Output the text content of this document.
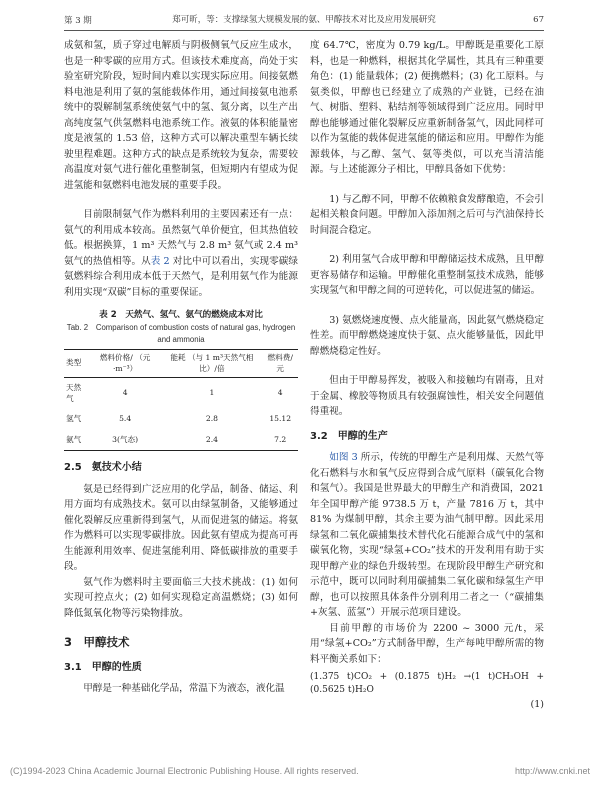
第 3 期	郑可昕，等：支撑绿氢大规模发展的氨、甲醇技术对比及应用发展研究	67

成氨和氢，质子穿过电解质与阴极侧氧气反应生成水，也是一种零碳的应用方式。但该技术难度高，尚处于实验室研究阶段，短时间内难以实现实际应用。间接氨燃料电池是利用了氨的氢能载体作用，通过间接氨电池系统中的裂解制氢系统使氨气中的氢、氮分离，以生产出高纯度氢气供氢燃料电池系统工作。液氨的体积能量密度是液氢的 1.53 倍，这种方式可以解决重型车辆长续驶里程难题。这种方式的缺点是系统较为复杂，需要较高温度对氨气进行催化重整制氢，但短期内有望成为促进氢能和氨燃料电池发展的重要手段。

目前限制氨气作为燃料利用的主要因素还有一点：氨气的利用成本较高。虽然氨气单价便宜，但其热值较低。根据换算，1 m³ 天然气与 2.8 m³ 氨气或 2.4 m³ 氨气的热值相等。从表 2 对比中可以看出，实现零碳绿氨燃料综合利用成本低于天然气，是利用氨气作为能源利用实现“双碳”目标的重要保证。

表 2　天然气、氢气、氨气的燃烧成本对比
Tab. 2　Comparison of combustion costs of natural gas, hydrogen and ammonia
类型	燃料价格/ （元·m⁻³）	能耗 （与 1 m³天然气相比）/倍	燃料费/元
天然气	4	1	4
氢气	5.4	2.8	15.12
氨气	3(气态)	2.4	7.2
2.5　氨技术小结

氨是已经得到广泛应用的化学品，制备、储运、利用方面均有成熟技术。氨可以由绿氢制备，又能够通过催化裂解反应重新得到氢气，从而促进氢的储运。将氨作为燃料可以实现零碳排放。因此氨有望成为提高可再生能源利用效率、促进氢能利用、降低碳排放的重要手段。

氨气作为燃料时主要面临三大技术挑战：(1) 如何实现可控点火；(2) 如何实现稳定高温燃烧；(3) 如何降低氮氧化物等污染物排放。

3　甲醇技术
3.1　甲醇的性质

甲醇是一种基础化学品，常温下为液态，液化温

度 64.7℃，密度为 0.79 kg/L。甲醇既是重要化工原料，也是一种燃料，根据其化学属性，其具有三种重要角色：(1) 能量载体；(2) 便携燃料；(3) 化工原料。与氨类似，甲醇也已经建立了成熟的产业链，已经在油气、树脂、塑料、粘结剂等领域得到广泛应用。同时甲醇也能够通过催化裂解反应重新制备氢气，因此同样可以作为氢能的载体促进氢能的储运和应用。甲醇作为能源载体，与乙醇、氢气、氨等类似，可以充当清洁能源。与上述能源分子相比，甲醇具备如下优势：

1) 与乙醇不同，甲醇不依赖粮食发酵酿造，不会引起相关粮食问题。甲醇加入添加剂之后可与汽油保持长时间混合稳定。

2) 利用氢气合成甲醇和甲醇储运技术成熟，且甲醇更容易储存和运输。甲醇催化重整制氢技术成熟，能够实现氢气和甲醇之间的可逆转化，可以促进氢的储运。

3) 氨燃烧速度慢、点火能量高，因此氨气燃烧稳定性差。而甲醇燃烧速度快于氨、点火能够量低，因此甲醇燃烧稳定性好。

但由于甲醇易挥发，被吸入和接触均有剧毒，且对于金属、橡胶等物质具有较强腐蚀性，相关安全问题值得重视。

3.2　甲醇的生产

如图 3 所示，传统的甲醇生产是利用煤、天然气等化石燃料与水和氧气反应得到合成气原料（碳氧化合物和氢气）。我国是世界最大的甲醇生产和消费国，2021 年全国甲醇产能 9738.5 万 t，产量 7816 万 t，其中 81% 为煤制甲醇，其余主要为油气制甲醇。因此采用绿氢和二氧化碳捕集技术替代化石能源合成气中的氢和碳氧化物，实现“绿氢+CO₂”技术的开发利用有助于实现甲醇产业的绿色升级转型。在现阶段甲醇生产研究和示范中，既可以同时利用碳捕集二氧化碳和绿氢生产甲醇，也可以按照具体条件分别利用二者之一（“碳捕集+灰氢、蓝氢”）开展示范项目建设。

目前甲醇的市场价为 2200 ~ 3000 元/t，采用“绿氢+CO₂”方式制备甲醇，生产每吨甲醇所需的物料平衡关系如下：

(1.375 t)CO₂ + (0.1875 t)H₂ →(1 t)CH₃OH + (0.5625 t)H₂O
(1)
(C)1994-2023 China Academic Journal Electronic Publishing House. All rights reserved.	http://www.cnki.net
